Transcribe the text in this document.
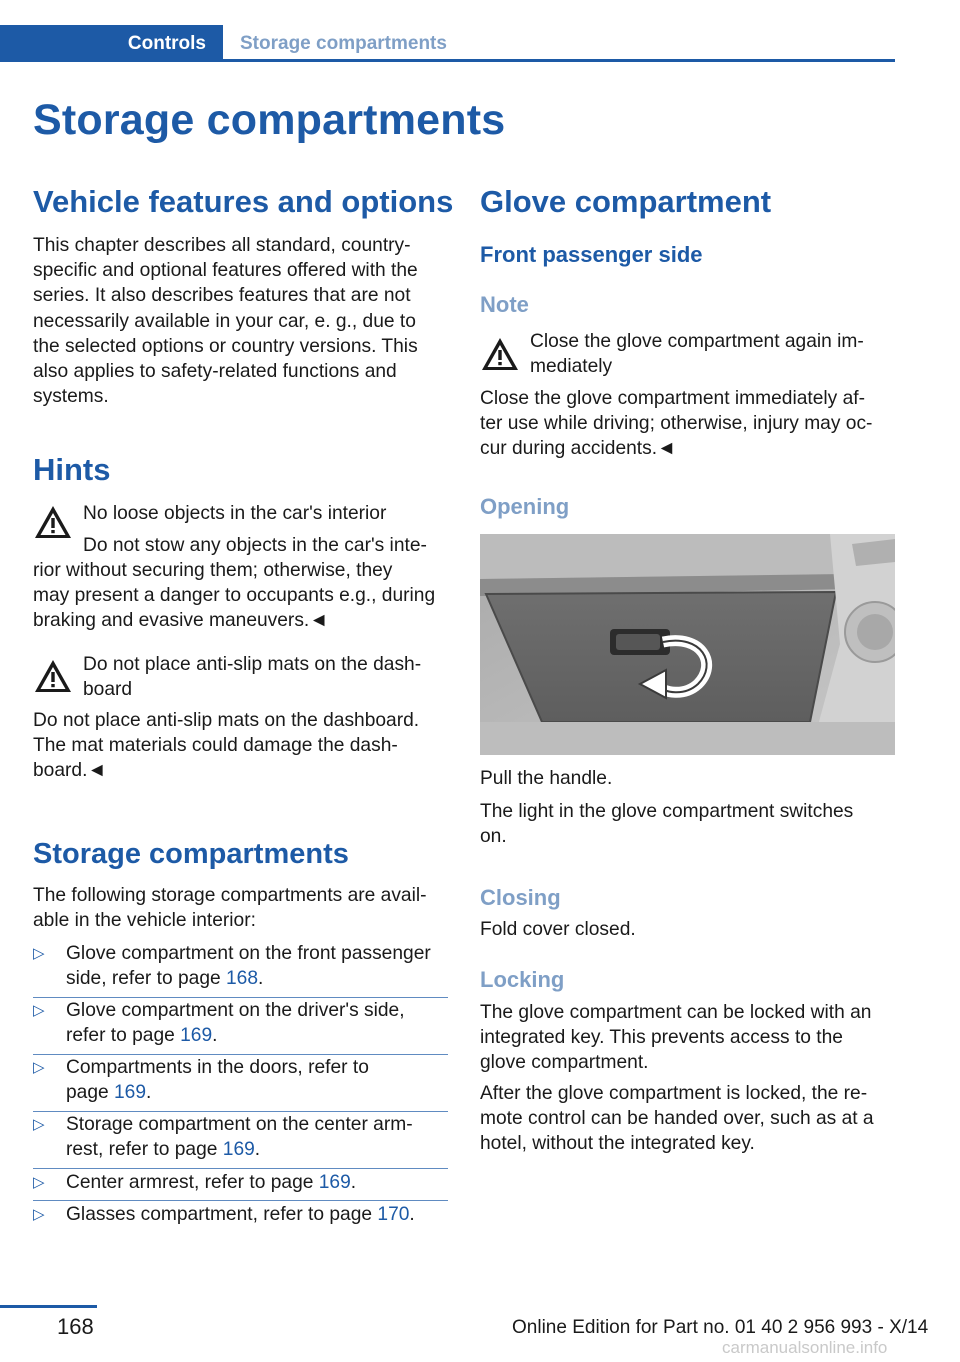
Controls	Storage compartments
Storage compartments
Vehicle features and options
This chapter describes all standard, country-
specific and optional features offered with the
series. It also describes features that are not
necessarily available in your car, e. g., due to
the selected options or country versions. This
also applies to safety-related functions and
systems.
Hints
No loose objects in the car's interior
Do not stow any objects in the car's inte-
rior without securing them; otherwise, they
may present a danger to occupants e.g., during
braking and evasive maneuvers.◄
Do not place anti-slip mats on the dash-
board
Do not place anti-slip mats on the dashboard.
The mat materials could damage the dash-
board.◄
Storage compartments
The following storage compartments are avail-
able in the vehicle interior:
▷ Glove compartment on the front passenger
side, refer to page 168.
▷ Glove compartment on the driver's side,
refer to page 169.
▷ Compartments in the doors, refer to
page 169.
▷ Storage compartment on the center arm-
rest, refer to page 169.
▷ Center armrest, refer to page 169.
▷ Glasses compartment, refer to page 170.
Glove compartment
Front passenger side
Note
Close the glove compartment again im-
mediately
Close the glove compartment immediately af-
ter use while driving; otherwise, injury may oc-
cur during accidents.◄
Opening
Pull the handle.
The light in the glove compartment switches
on.
Closing
Fold cover closed.
Locking
The glove compartment can be locked with an
integrated key. This prevents access to the
glove compartment.
After the glove compartment is locked, the re-
mote control can be handed over, such as at a
hotel, without the integrated key.
168	Online Edition for Part no. 01 40 2 956 993 - X/14
carmanualsonline.info
